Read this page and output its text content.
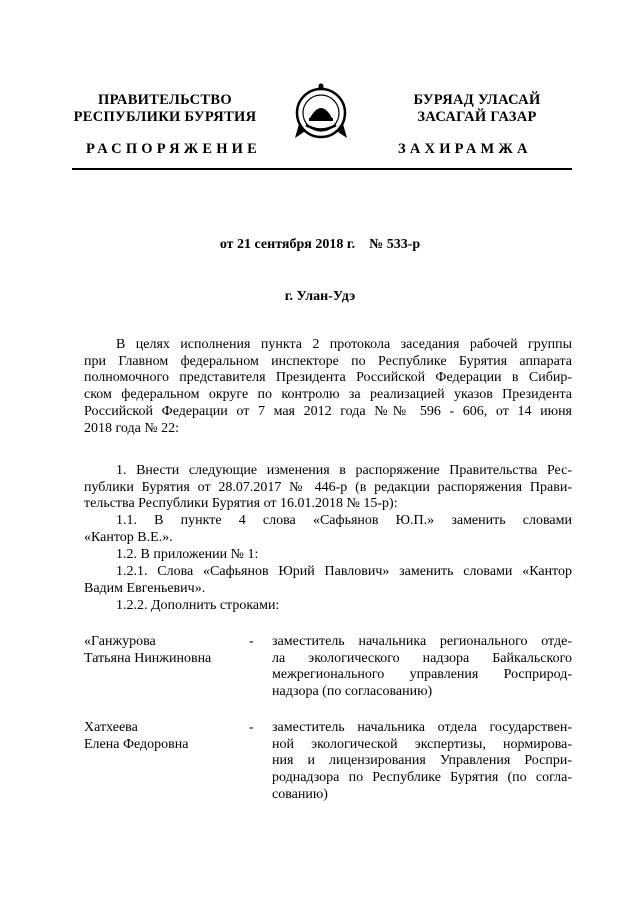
ПРАВИТЕЛЬСТВО
РЕСПУБЛИКИ БУРЯТИЯ
БУРЯАД УЛАСАЙ
ЗАСАГАЙ ГАЗАР
РАСПОРЯЖЕНИЕ	ЗАХИРАМЖА
от 21 сентября 2018 г.    № 533-р
г. Улан-Удэ
В целях исполнения пункта 2 протокола заседания рабочей группы
при Главном федеральном инспекторе по Республике Бурятия аппарата
полномочного представителя Президента Российской Федерации в Сибир-
ском федеральном округе по контролю за реализацией указов Президента
Российской Федерации от 7 мая 2012 года №№ 596 - 606, от 14 июня
2018 года № 22:
1. Внести следующие изменения в распоряжение Правительства Рес-
публики Бурятия от 28.07.2017 № 446-р (в редакции распоряжения Прави-
тельства Республики Бурятия от 16.01.2018 № 15-р):
1.1. В пункте 4 слова «Сафьянов Ю.П.» заменить словами
«Кантор В.Е.».
1.2. В приложении № 1:
1.2.1. Слова «Сафьянов Юрий Павлович» заменить словами «Кантор
Вадим Евгеньевич».
1.2.2. Дополнить строками:
«Ганжурова
Татьяна Нинжиновна
- заместитель начальника регионального отде-
ла экологического надзора Байкальского
межрегионального управления Росприрод-
надзора (по согласованию)
Хатхеева
Елена Федоровна
- заместитель начальника отдела государствен-
ной экологической экспертизы, нормирова-
ния и лицензирования Управления Роспри-
роднадзора по Республике Бурятия (по согла-
сованию)
